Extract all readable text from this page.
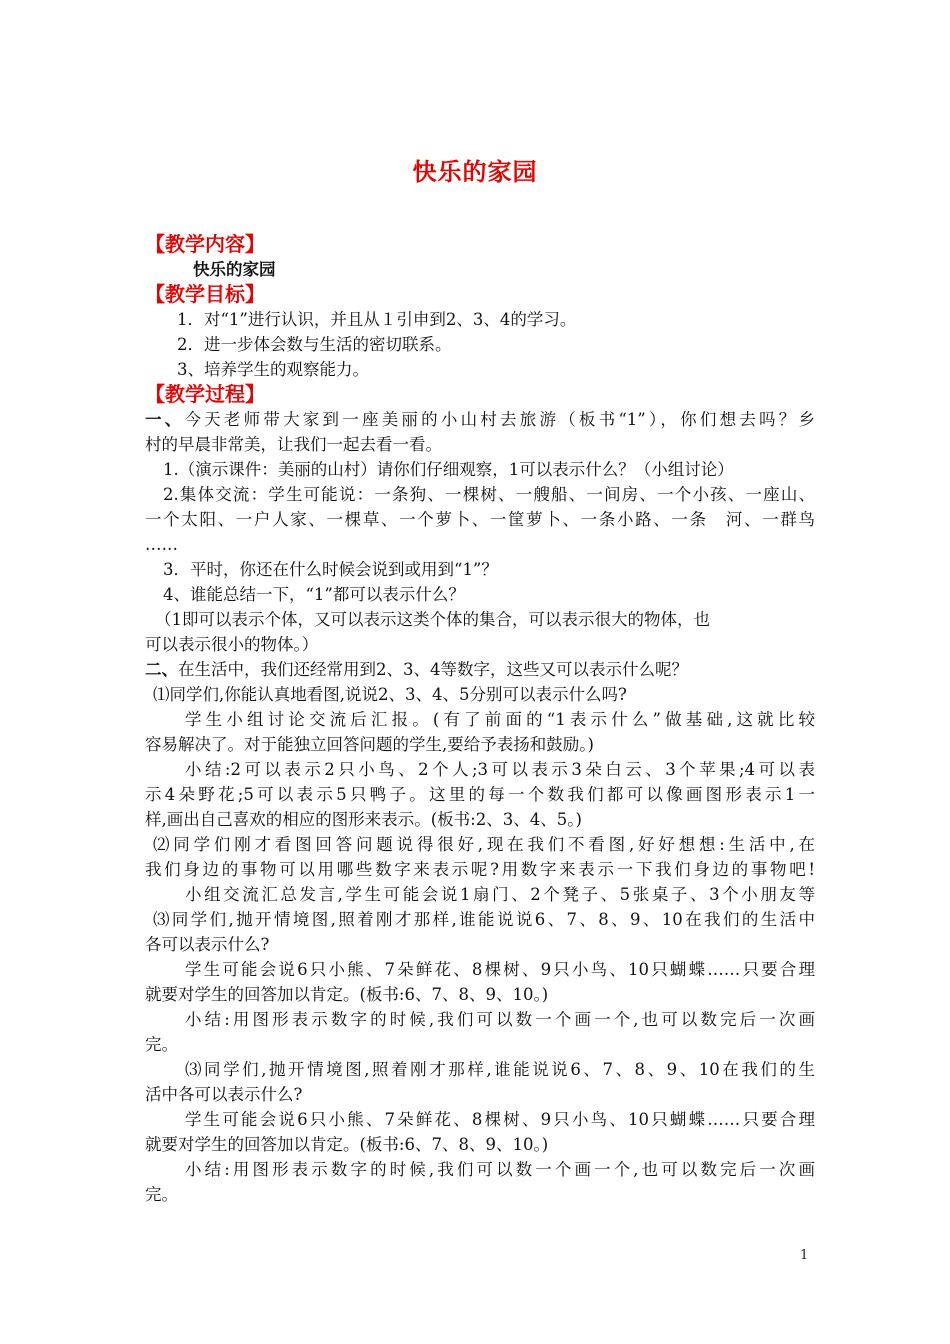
快乐的家园
【教学内容】
快乐的家园
【教学目标】
1．对“1”进行认识，并且从１引申到2、3、4的学习。
2．进一步体会数与生活的密切联系。
3、培养学生的观察能力。
【教学过程】
一、今天老师带大家到一座美丽的小山村去旅游（板书“1”），你们想去吗？乡
村的早晨非常美，让我们一起去看一看。
1.（演示课件：美丽的山村）请你们仔细观察，1可以表示什么？（小组讨论）
2.集体交流：学生可能说：一条狗、一棵树、一艘船、一间房、一个小孩、一座山、
一个太阳、一户人家、一棵草、一个萝卜、一筐萝卜、一条小路、一条　河、一群鸟
……
3．平时，你还在什么时候会说到或用到“1”？
4、谁能总结一下，“1”都可以表示什么？
（1即可以表示个体，又可以表示这类个体的集合，可以表示很大的物体，也
可以表示很小的物体。）
二、在生活中，我们还经常用到2、3、4等数字，这些又可以表示什么呢？
⑴同学们,你能认真地看图,说说2、3、4、5分别可以表示什么吗?
学生小组讨论交流后汇报。(有了前面的“1表示什么”做基础,这就比较
容易解决了。对于能独立回答问题的学生,要给予表扬和鼓励。)
小结:2可以表示2只小鸟、2个人;3可以表示3朵白云、3个苹果;4可以表
示4朵野花;5可以表示5只鸭子。这里的每一个数我们都可以像画图形表示1一
样,画出自己喜欢的相应的图形来表示。(板书:2、3、4、5。)
⑵同学们刚才看图回答问题说得很好,现在我们不看图,好好想想:生活中,在
我们身边的事物可以用哪些数字来表示呢?用数字来表示一下我们身边的事物吧!
小组交流汇总发言,学生可能会说1扇门、2个凳子、5张桌子、3个小朋友等
⑶同学们,抛开情境图,照着刚才那样,谁能说说6、7、8、9、10在我们的生活中
各可以表示什么?
学生可能会说6只小熊、7朵鲜花、8棵树、9只小鸟、10只蝴蝶……只要合理
就要对学生的回答加以肯定。(板书:6、7、8、9、10。)
小结:用图形表示数字的时候,我们可以数一个画一个,也可以数完后一次画
完。
⑶同学们,抛开情境图,照着刚才那样,谁能说说6、7、8、9、10在我们的生
活中各可以表示什么?
学生可能会说6只小熊、7朵鲜花、8棵树、9只小鸟、10只蝴蝶……只要合理
就要对学生的回答加以肯定。(板书:6、7、8、9、10。)
小结:用图形表示数字的时候,我们可以数一个画一个,也可以数完后一次画
完。
1
